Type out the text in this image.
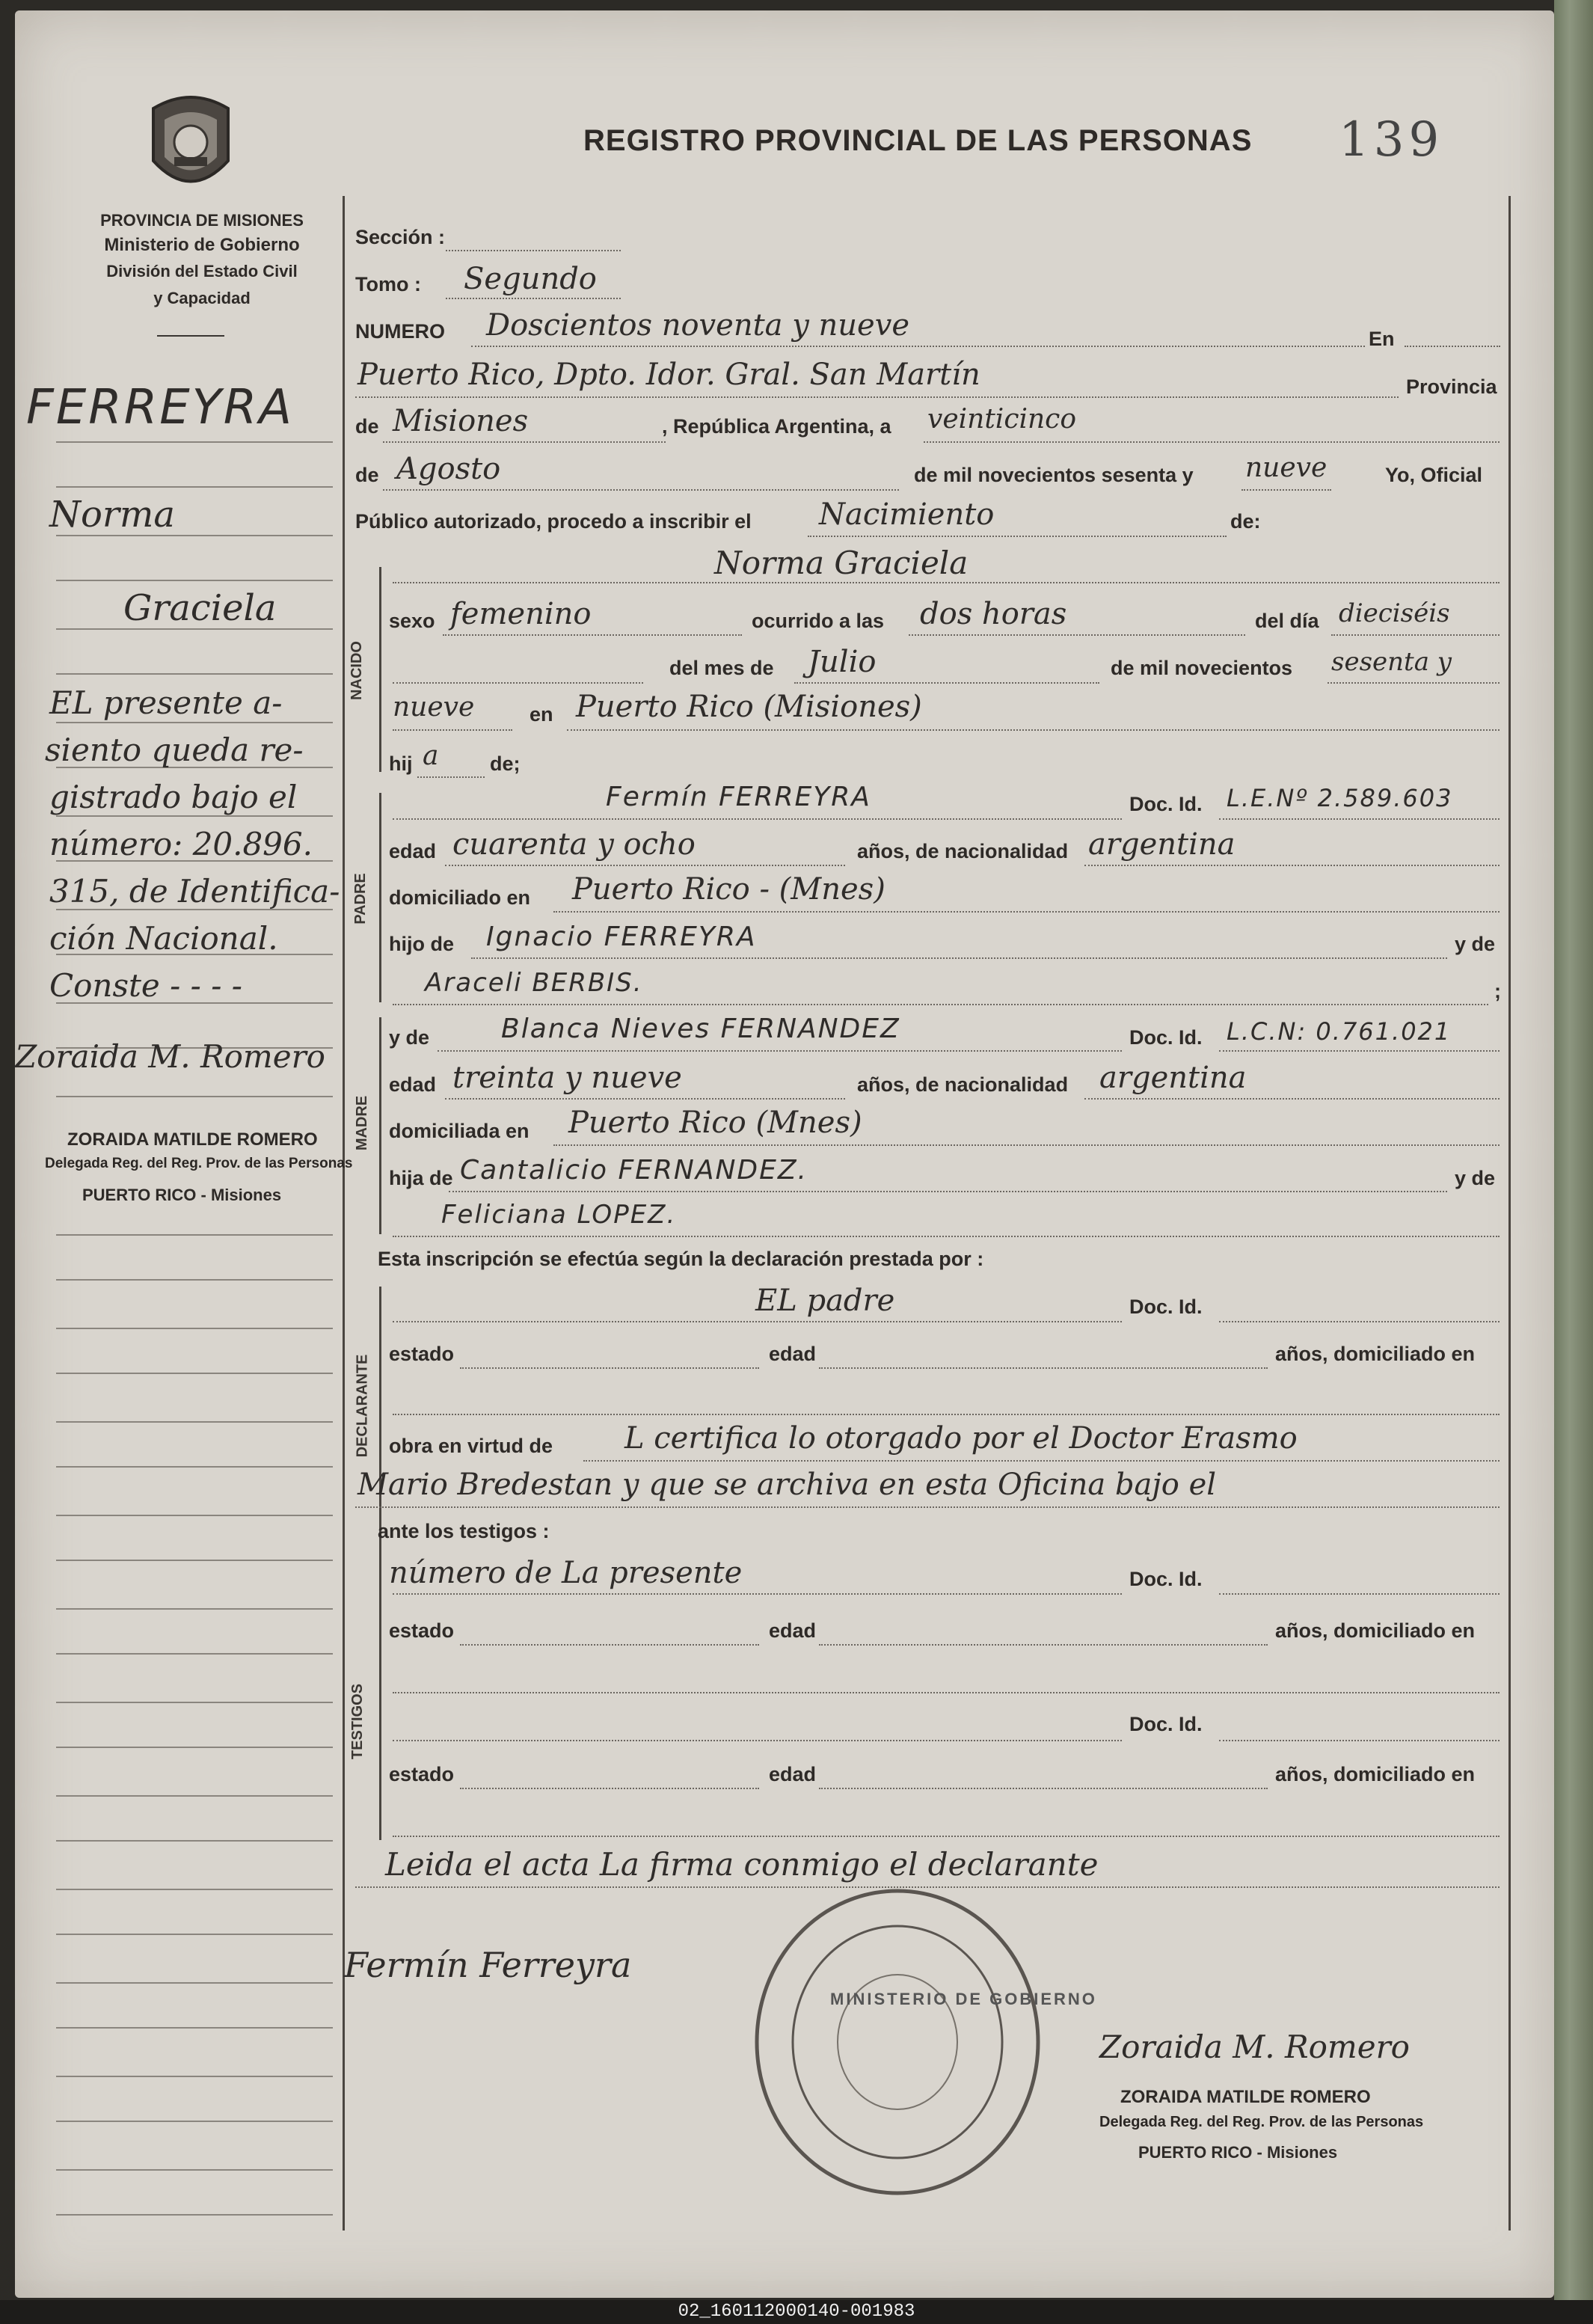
PROVINCIA DE MISIONES
Ministerio de Gobierno
División del Estado Civil
y Capacidad
REGISTRO PROVINCIAL DE LAS PERSONAS 139
NACIDO
PADRE
MADRE
DECLARANTE
TESTIGOS
FERREYRA
Norma
Graciela
EL presente a-
siento queda re-
gistrado bajo el
número: 20.896.
315, de Identifica-
ción Nacional.
Conste - - - -
Zoraida M. Romero
ZORAIDA MATILDE ROMERO
Delegada Reg. del Reg. Prov. de las Personas
PUERTO RICO - Misiones
Sección :
Tomo : Segundo
NUMERO Doscientos noventa y nueve	En
Puerto Rico, Dpto. Idor. Gral. San Martín	Provincia
de Misiones	, República Argentina, a veinticinco
de Agosto	de mil novecientos sesenta y nueve	Yo, Oficial
Público autorizado, procedo a inscribir el Nacimiento	de:
Norma Graciela
sexo femenino	ocurrido a las dos horas	del día dieciséis
del mes de Julio	de mil novecientos sesenta y
nueve	en Puerto Rico (Misiones)
hij a	de;
Fermín FERREYRA	Doc. Id. L.E.Nº 2.589.603
edad cuarenta y ocho	años, de nacionalidad argentina
domiciliado en Puerto Rico - (Mnes)
hijo de Ignacio FERREYRA	y de
Araceli BERBIS.	;
y de	Blanca Nieves FERNANDEZ	Doc. Id. L.C.N: 0.761.021
edad treinta y nueve	años, de nacionalidad argentina
domiciliada en Puerto Rico (Mnes)
hija de Cantalicio FERNANDEZ.	y de
Feliciana LOPEZ.
Esta inscripción se efectúa según la declaración prestada por :
EL padre	Doc. Id.
estado	edad	años, domiciliado en
obra en virtud de L certifica lo otorgado por el Doctor Erasmo
Mario Bredestan y que se archiva en esta Oficina bajo el
ante los testigos :
número de La presente	Doc. Id.
estado	edad	años, domiciliado en
Doc. Id.
estado	edad	años, domiciliado en
Leida el acta La firma conmigo el declarante
Fermín Ferreyra
MINISTERIO DE GOBIERNO
Zoraida M. Romero
ZORAIDA MATILDE ROMERO
Delegada Reg. del Reg. Prov. de las Personas
PUERTO RICO - Misiones
02_160112000140-001983
